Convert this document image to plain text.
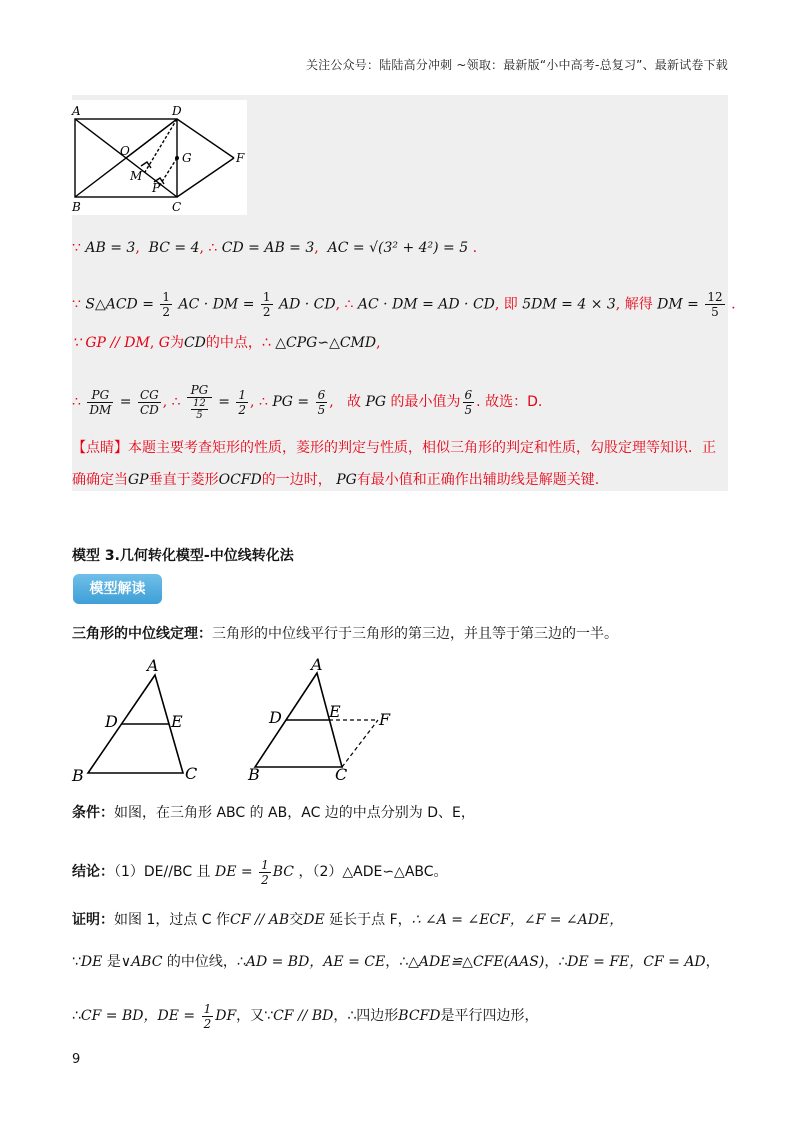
关注公众号：陆陆高分冲刺 ~领取：最新版“小中高考-总复习”、最新试卷下载
A	D
B	C
O
M
P
G	F
∵ AB = 3,  BC = 4, ∴ CD = AB = 3,  AC = √(3² + 4²) = 5 .
∵ S△ACD = $\frac{1}{2}$ AC · DM = $\frac{1}{2}$ AD · CD, ∴ AC · DM = AD · CD, 即 5DM = 4 × 3, 解得 DM = $\frac{12}{5}$ .
∵ GP // DM, G为CD的中点，∴ △CPG∽△CMD,
∴ $\frac{PG}{DM} = \frac{CG}{CD}$ , ∴ $\frac{PG}{\frac{12}{5}} = \frac{1}{2}$ , ∴ PG = $\frac{6}{5}$ ,   故 PG 的最小值为 $\frac{6}{5}$ . 故选：D.
【点睛】本题主要考查矩形的性质，菱形的判定与性质，相似三角形的判定和性质，勾股定理等知识．正
确确定当GP垂直于菱形OCFD的一边时， PG有最小值和正确作出辅助线是解题关键.
模型 3.几何转化模型-中位线转化法
模型解读
三角形的中位线定理：三角形的中位线平行于三角形的第三边，并且等于第三边的一半。
A
B	C
D	E
A
B	C
D	E F
条件：如图，在三角形 ABC 的 AB，AC 边的中点分别为 D、E，
结论：（1）DE//BC 且 DE = $\frac{1}{2}$ BC ，（2）△ADE∽△ABC。
证明：如图 1，过点 C 作CF // AB交DE 延长于点 F，∴ ∠A = ∠ECF，∠F = ∠ADE，
∵DE 是∨ABC 的中位线，∴AD = BD，AE = CE，∴△ADE≌△CFE(AAS)，∴DE = FE，CF = AD，
∴CF = BD，DE = $\frac{1}{2}$ DF，又∵CF // BD，∴四边形BCFD是平行四边形，
9
